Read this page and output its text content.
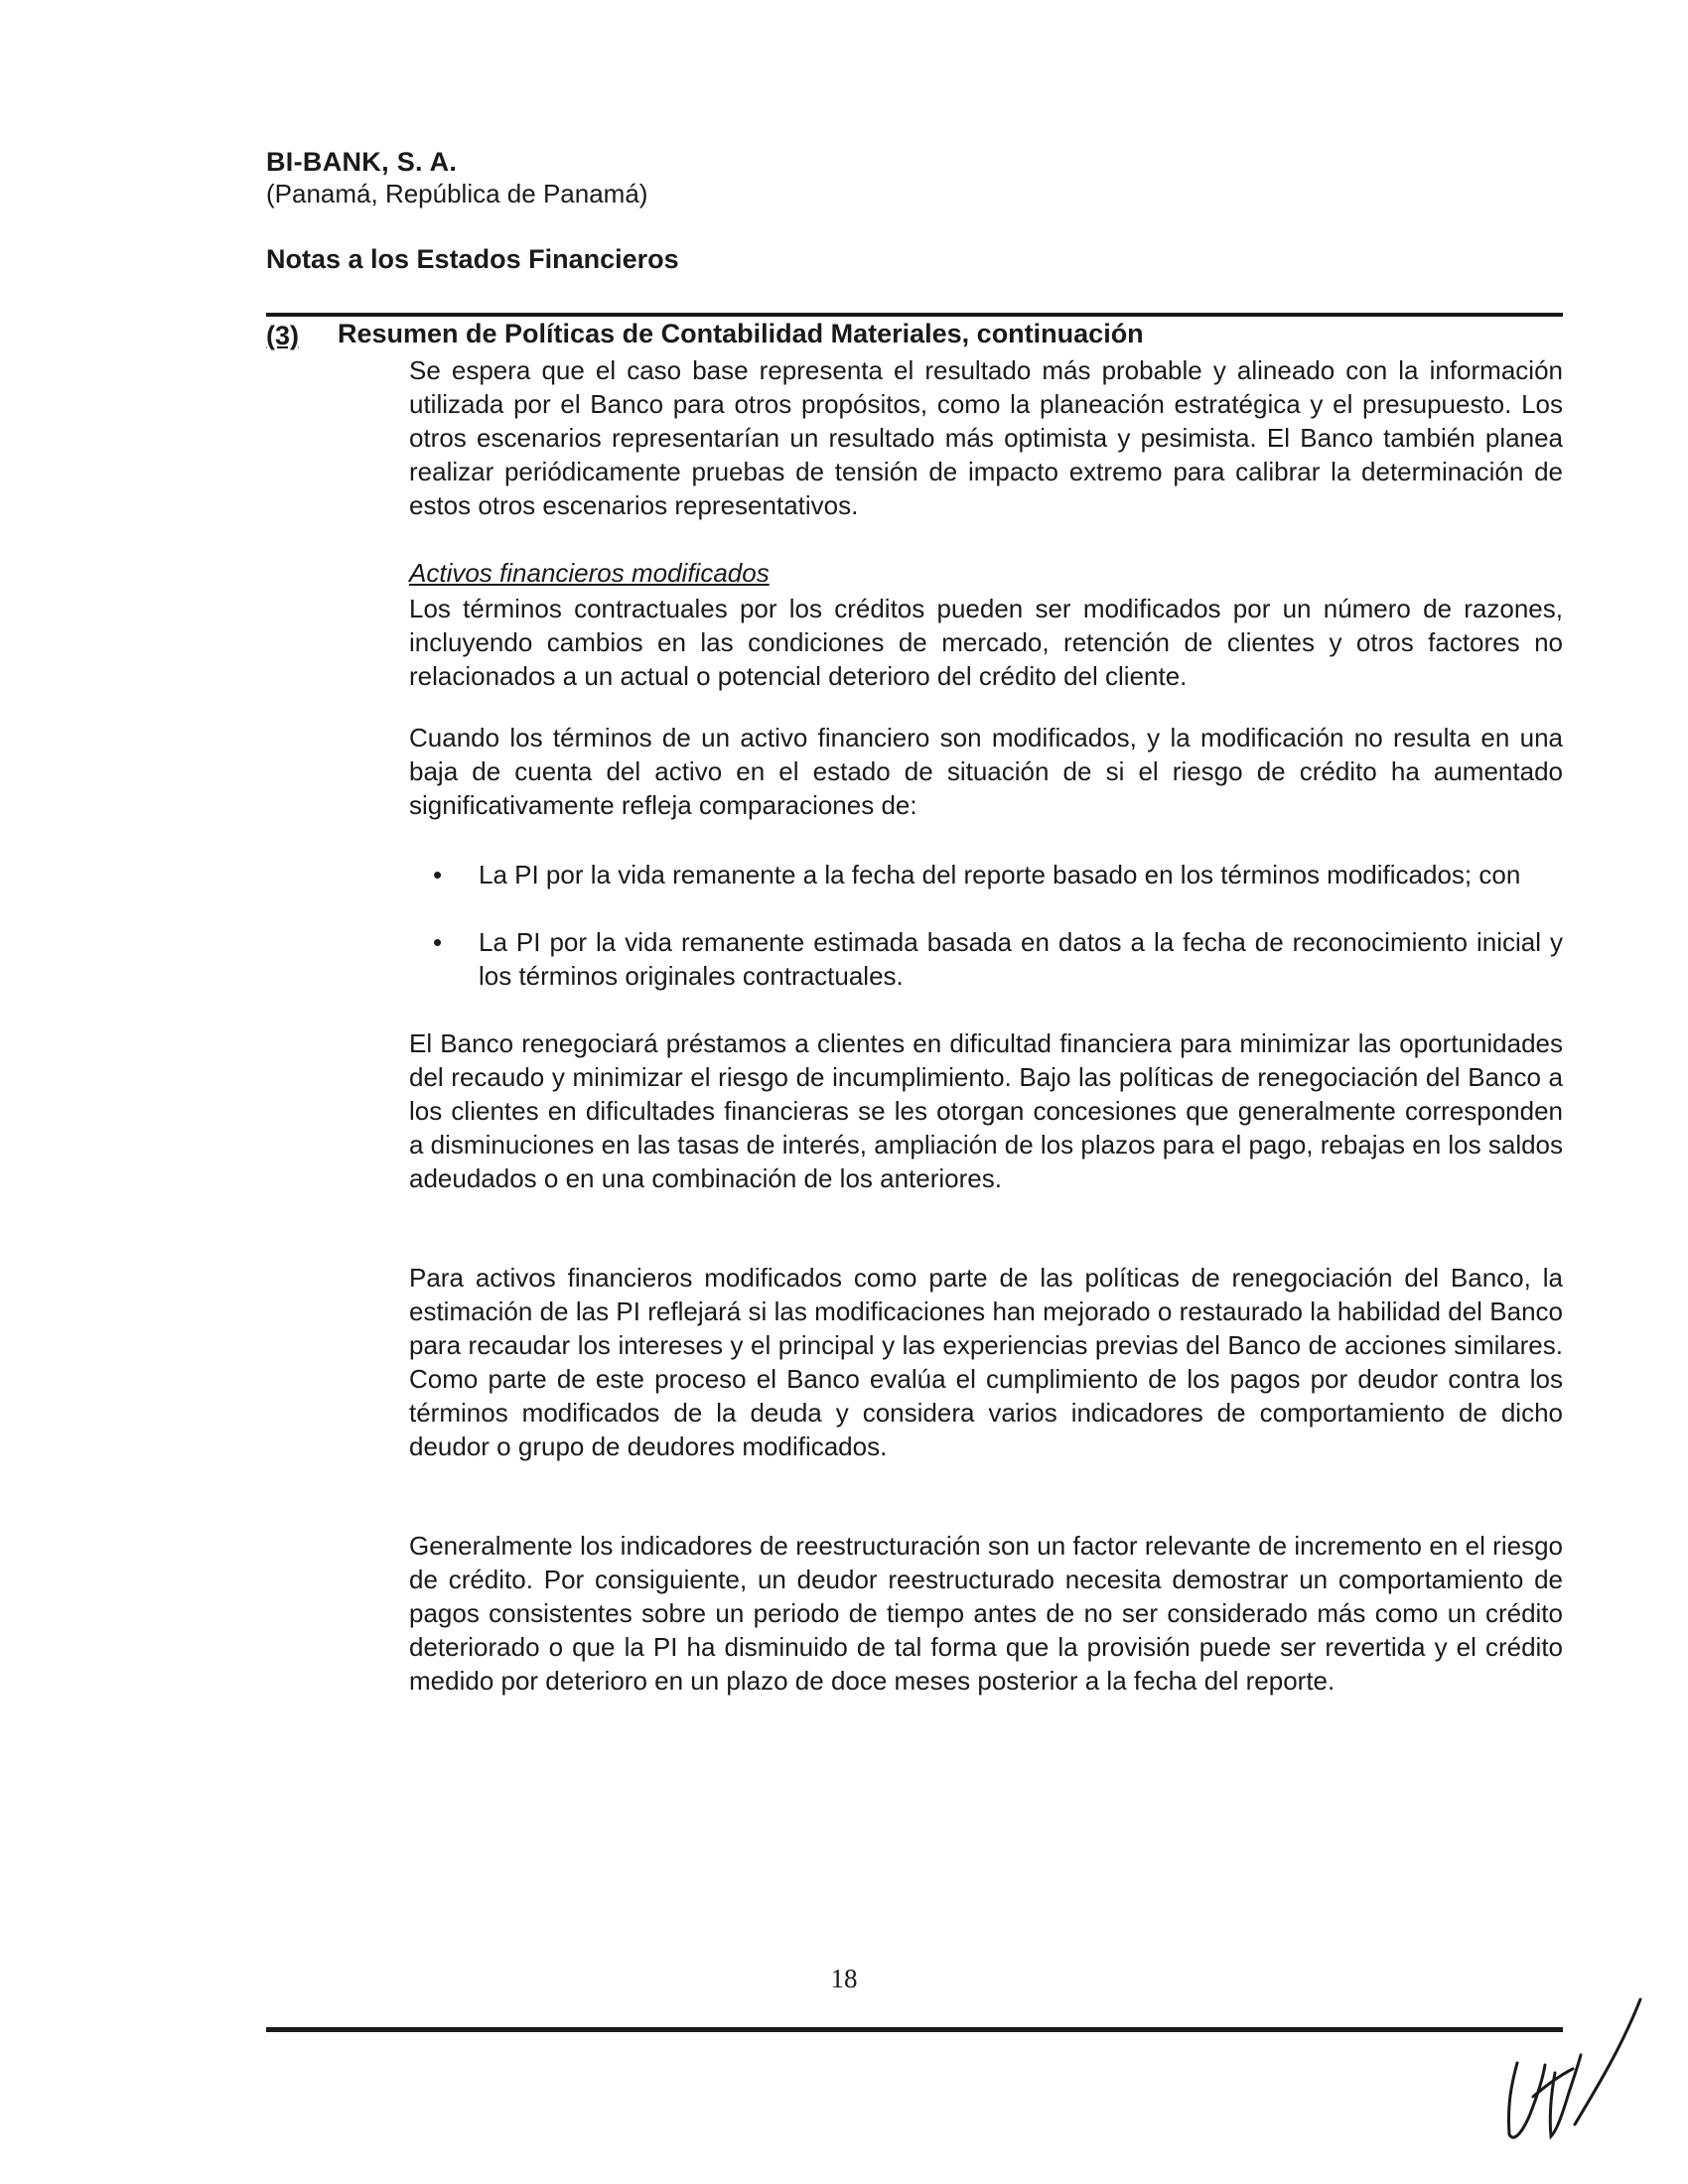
BI-BANK, S. A.
(Panamá, República de Panamá)
Notas a los Estados Financieros
(3) Resumen de Políticas de Contabilidad Materiales, continuación
Se espera que el caso base representa el resultado más probable y alineado con la información utilizada por el Banco para otros propósitos, como la planeación estratégica y el presupuesto. Los otros escenarios representarían un resultado más optimista y pesimista. El Banco también planea realizar periódicamente pruebas de tensión de impacto extremo para calibrar la determinación de estos otros escenarios representativos.
Activos financieros modificados
Los términos contractuales por los créditos pueden ser modificados por un número de razones, incluyendo cambios en las condiciones de mercado, retención de clientes y otros factores no relacionados a un actual o potencial deterioro del crédito del cliente.
Cuando los términos de un activo financiero son modificados, y la modificación no resulta en una baja de cuenta del activo en el estado de situación de si el riesgo de crédito ha aumentado significativamente refleja comparaciones de:
• La PI por la vida remanente a la fecha del reporte basado en los términos modificados; con
• La PI por la vida remanente estimada basada en datos a la fecha de reconocimiento inicial y los términos originales contractuales.
El Banco renegociará préstamos a clientes en dificultad financiera para minimizar las oportunidades del recaudo y minimizar el riesgo de incumplimiento. Bajo las políticas de renegociación del Banco a los clientes en dificultades financieras se les otorgan concesiones que generalmente corresponden a disminuciones en las tasas de interés, ampliación de los plazos para el pago, rebajas en los saldos adeudados o en una combinación de los anteriores.
Para activos financieros modificados como parte de las políticas de renegociación del Banco, la estimación de las PI reflejará si las modificaciones han mejorado o restaurado la habilidad del Banco para recaudar los intereses y el principal y las experiencias previas del Banco de acciones similares. Como parte de este proceso el Banco evalúa el cumplimiento de los pagos por deudor contra los términos modificados de la deuda y considera varios indicadores de comportamiento de dicho deudor o grupo de deudores modificados.
Generalmente los indicadores de reestructuración son un factor relevante de incremento en el riesgo de crédito. Por consiguiente, un deudor reestructurado necesita demostrar un comportamiento de pagos consistentes sobre un periodo de tiempo antes de no ser considerado más como un crédito deteriorado o que la PI ha disminuido de tal forma que la provisión puede ser revertida y el crédito medido por deterioro en un plazo de doce meses posterior a la fecha del reporte.
18
